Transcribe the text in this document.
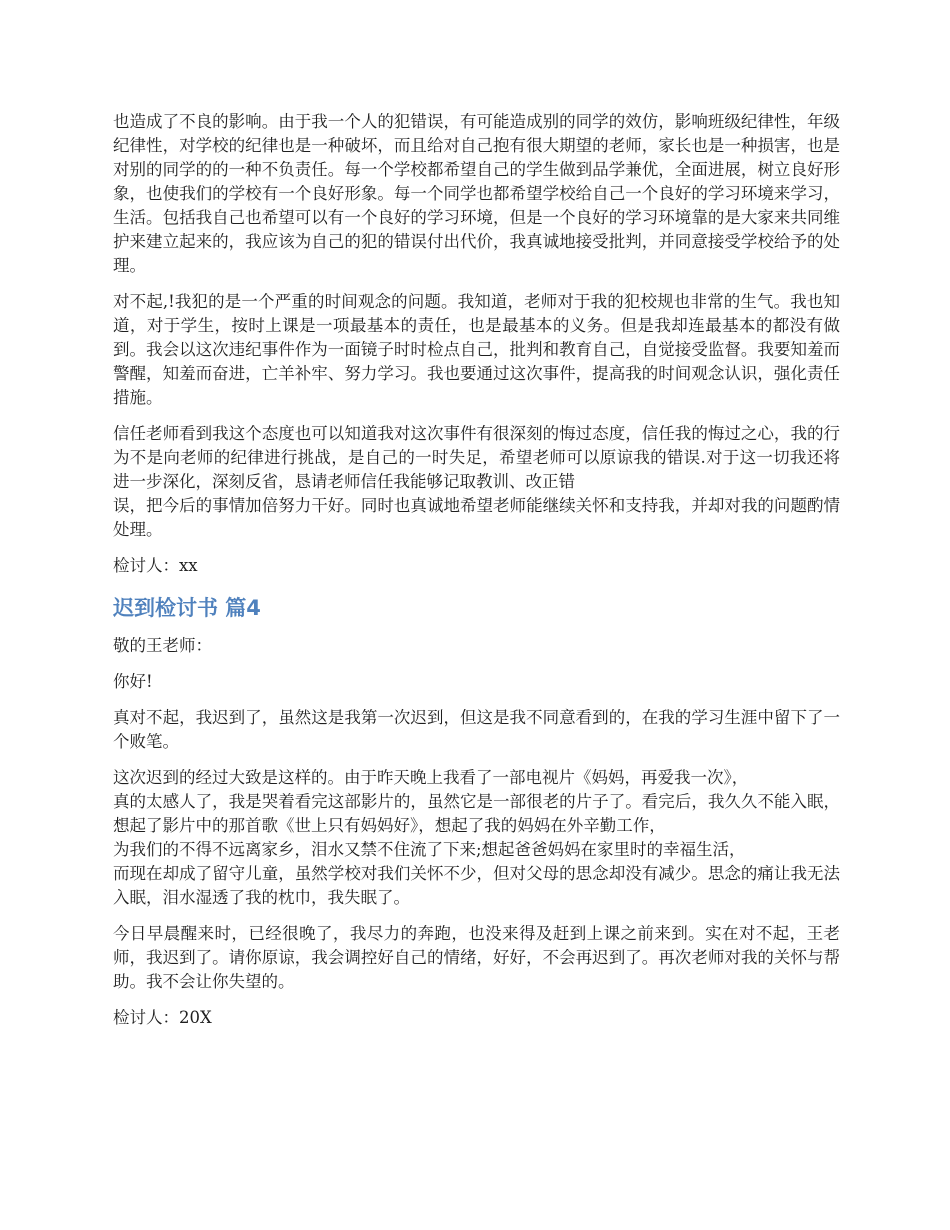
也造成了不良的影响。由于我一个人的犯错误，有可能造成别的同学的效仿，影响班级纪律性，年级纪律性，对学校的纪律也是一种破坏，而且给对自己抱有很大期望的老师，家长也是一种损害，也是对别的同学的的一种不负责任。每一个学校都希望自己的学生做到品学兼优，全面进展，树立良好形象，也使我们的学校有一个良好形象。每一个同学也都希望学校给自己一个良好的学习环境来学习，生活。包括我自己也希望可以有一个良好的学习环境，但是一个良好的学习环境靠的是大家来共同维护来建立起来的，我应该为自己的犯的错误付出代价，我真诚地接受批判，并同意接受学校给予的处理。

对不起,!我犯的是一个严重的时间观念的问题。我知道，老师对于我的犯校规也非常的生气。我也知道，对于学生，按时上课是一项最基本的责任，也是最基本的义务。但是我却连最基本的都没有做到。我会以这次违纪事件作为一面镜子时时检点自己，批判和教育自己，自觉接受监督。我要知羞而警醒，知羞而奋进，亡羊补牢、努力学习。我也要通过这次事件，提高我的时间观念认识，强化责任措施。

信任老师看到我这个态度也可以知道我对这次事件有很深刻的悔过态度，信任我的悔过之心，我的行为不是向老师的纪律进行挑战，是自己的一时失足，希望老师可以原谅我的错误.对于这一切我还将进一步深化，深刻反省，恳请老师信任我能够记取教训、改正错
误，把今后的事情加倍努力干好。同时也真诚地希望老师能继续关怀和支持我，并却对我的问题酌情处理。

检讨人：xx

迟到检讨书 篇4

敬的王老师：

你好!

真对不起，我迟到了，虽然这是我第一次迟到，但这是我不同意看到的，在我的学习生涯中留下了一个败笔。

这次迟到的经过大致是这样的。由于昨天晚上我看了一部电视片《妈妈，再爱我一次》，
真的太感人了，我是哭着看完这部影片的，虽然它是一部很老的片子了。看完后，我久久不能入眠，想起了影片中的那首歌《世上只有妈妈好》，想起了我的妈妈在外辛勤工作，
为我们的不得不远离家乡，泪水又禁不住流了下来;想起爸爸妈妈在家里时的幸福生活，
而现在却成了留守儿童，虽然学校对我们关怀不少，但对父母的思念却没有减少。思念的痛让我无法入眠，泪水湿透了我的枕巾，我失眠了。

今日早晨醒来时，已经很晚了，我尽力的奔跑，也没来得及赶到上课之前来到。实在对不起，王老师，我迟到了。请你原谅，我会调控好自己的情绪，好好，不会再迟到了。再次老师对我的关怀与帮助。我不会让你失望的。

检讨人：20X
